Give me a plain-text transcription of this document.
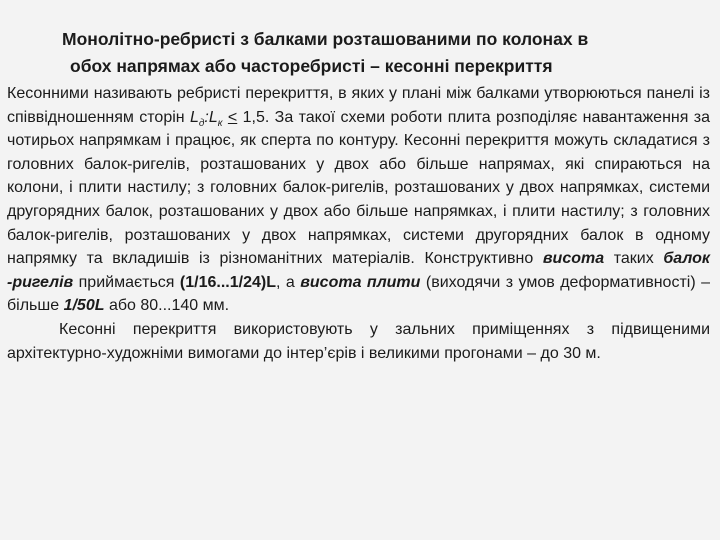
Монолітно-ребристі з балками розташованими по колонах в
обох напрямах або часторебристі – кесонні перекриття

Кесонними називають ребристі перекриття, в яких у плані між балками утворюються панелі із співвідношенням сторін $L_д:L_к \le 1,5$. За такої схеми роботи плита розподіляє навантаження за чотирьох напрямкам і працює, як сперта по контуру. Кесонні перекриття можуть складатися з головних балок-ригелів, розташованих у двох або більше напрямах, які спираються на колони, і плити настилу; з головних балок-ригелів, розташованих у двох напрямках, системи другорядних балок, розташованих у двох або більше напрямках, і плити настилу; з головних балок-ригелів, розташованих у двох напрямках, системи другорядних балок в одному напрямку та вкладишів із різноманітних матеріалів. Конструктивно висота таких балок -ригелів приймається (1/16...1/24)L, а висота плити (виходячи з умов деформативності) – більше 1/50L або 80...140 мм.

Кесонні перекриття використовують у зальних приміщеннях з підвищеними архітектурно-художніми вимогами до інтер’єрів і великими прогонами – до 30 м.
